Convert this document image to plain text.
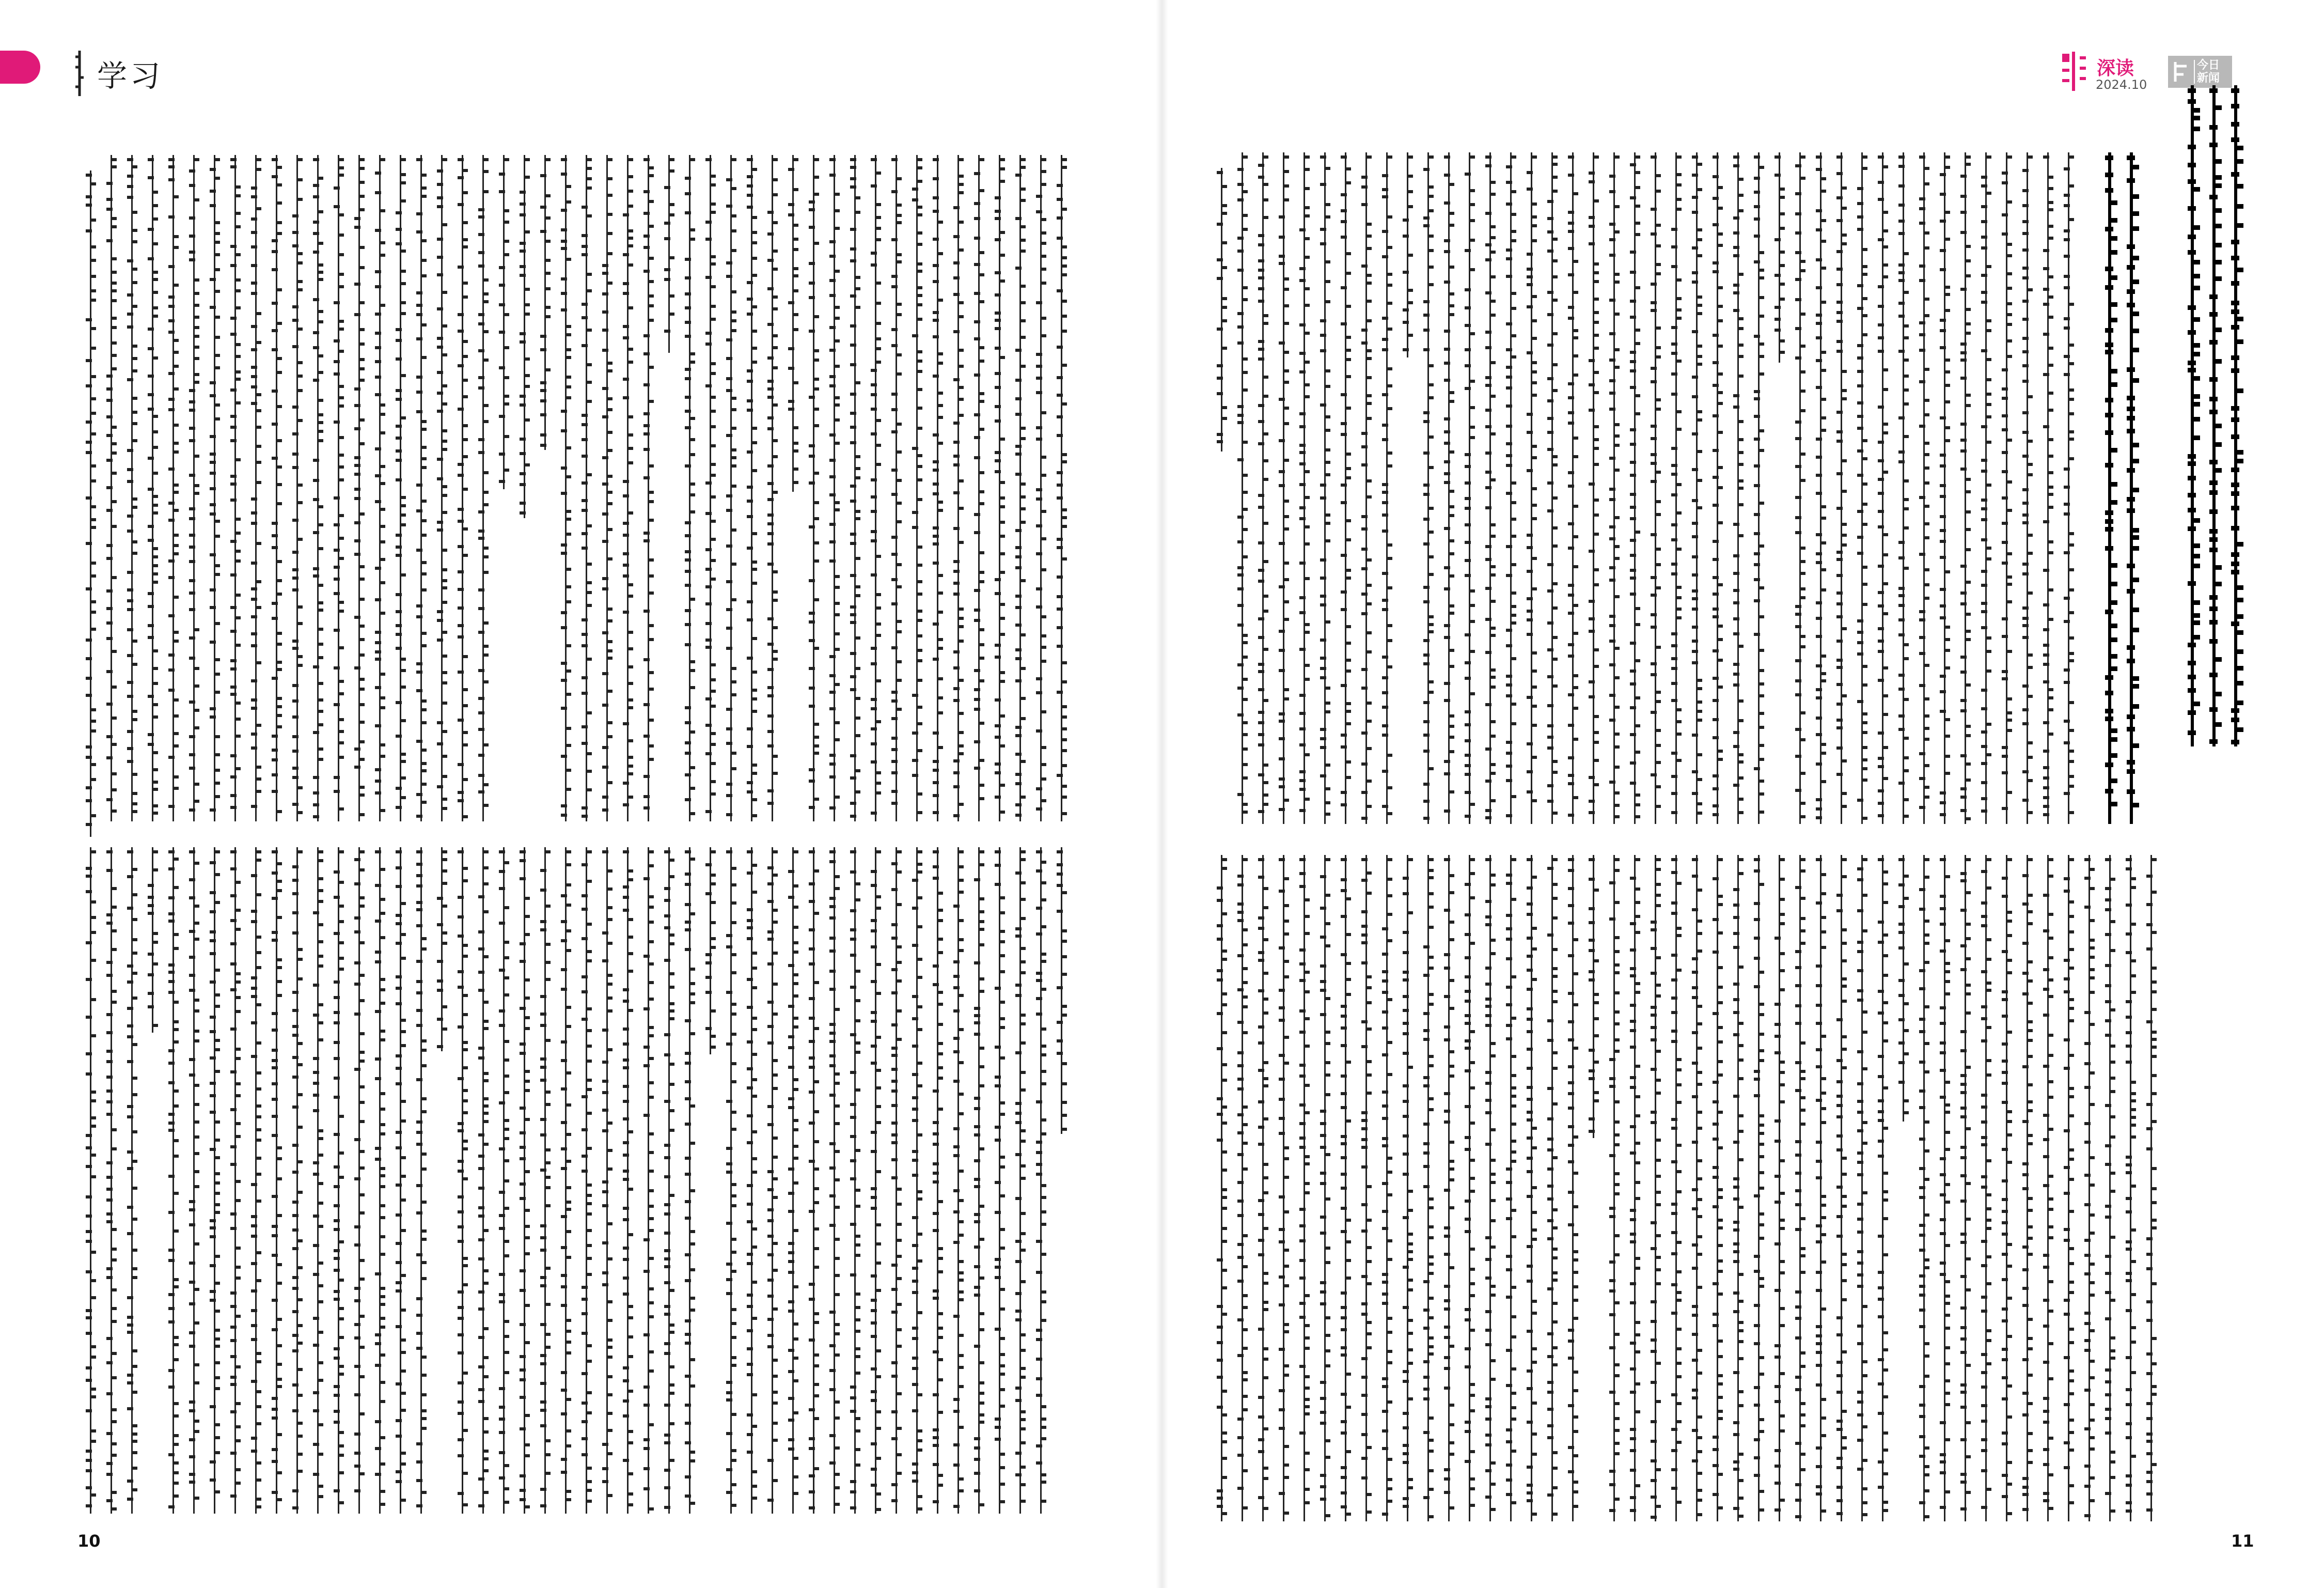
学习
10
深读
2024.10
今日
新闻
11
